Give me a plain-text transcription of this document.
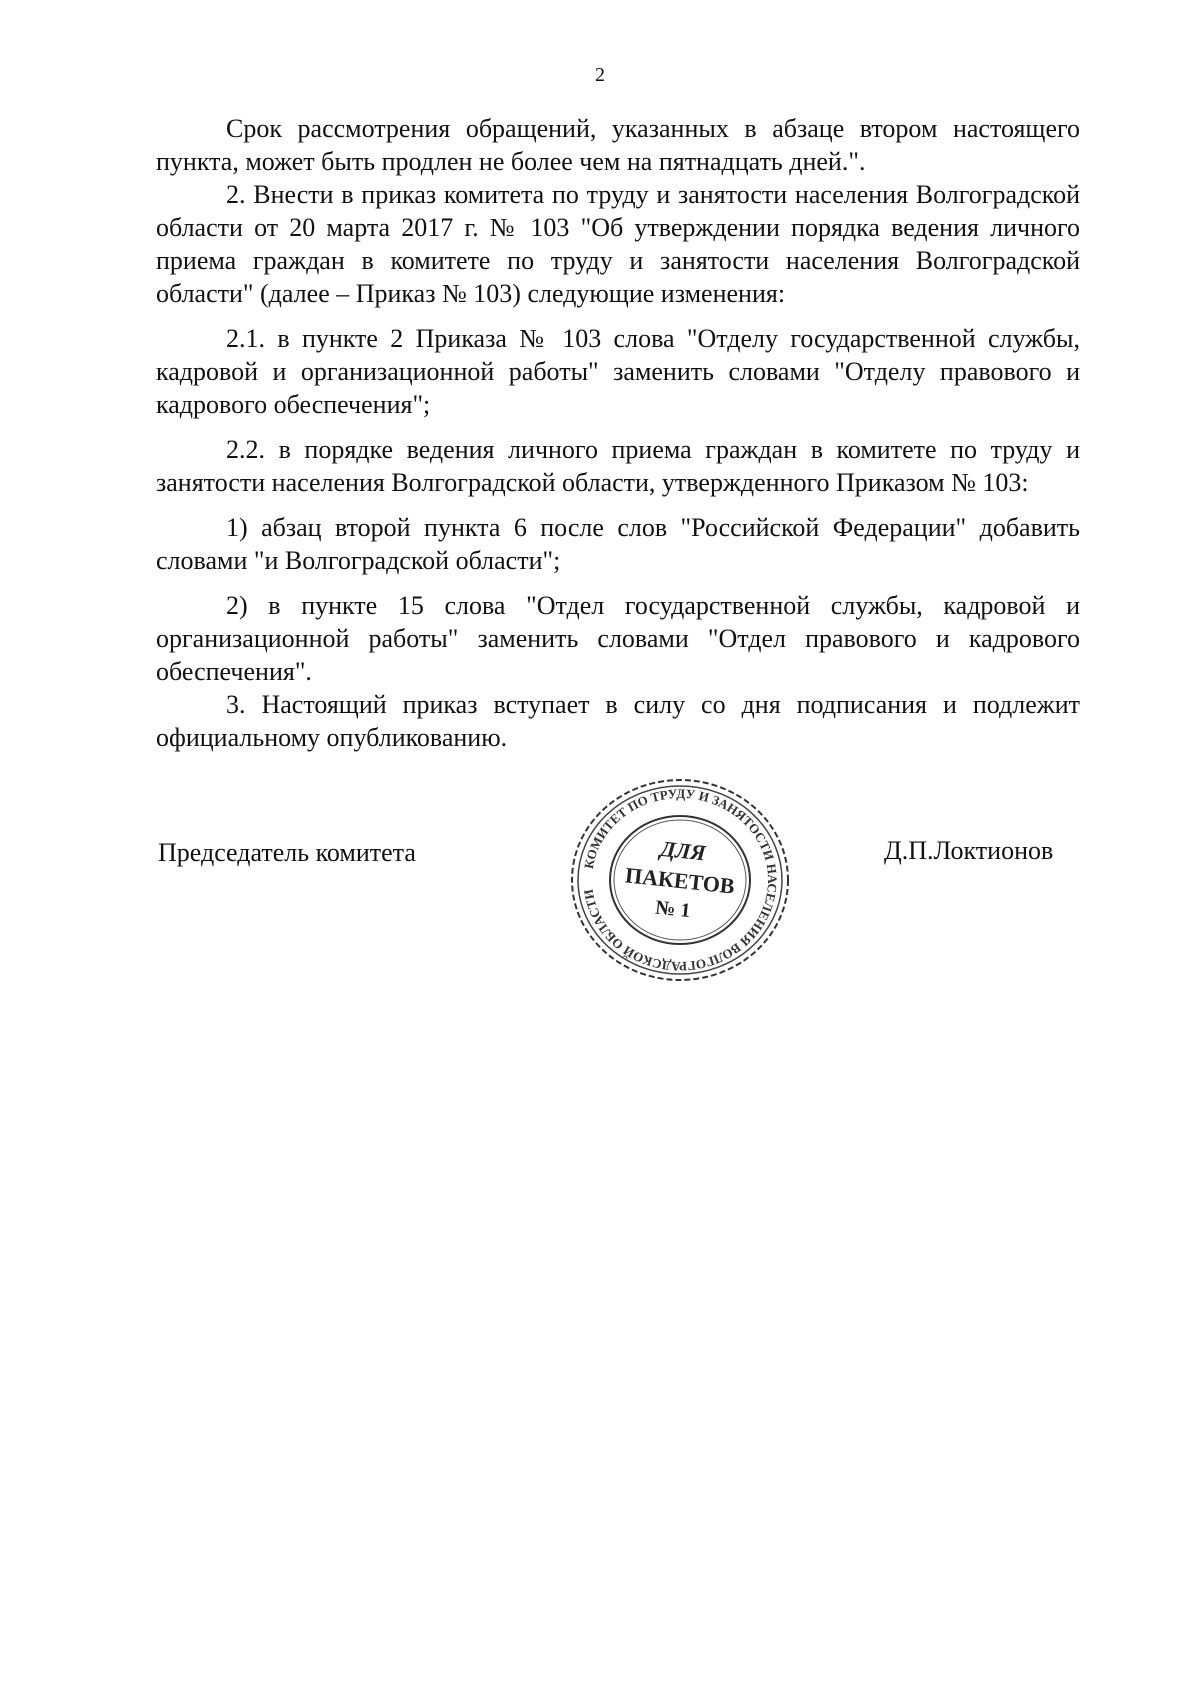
2

Срок рассмотрения обращений, указанных в абзаце втором настоящего пункта, может быть продлен не более чем на пятнадцать дней.".

2. Внести в приказ комитета по труду и занятости населения Волгоградской области от 20 марта 2017 г. № 103 "Об утверждении порядка ведения личного приема граждан в комитете по труду и занятости населения Волгоградской области" (далее – Приказ № 103) следующие изменения:

2.1. в пункте 2 Приказа № 103 слова "Отделу государственной службы, кадровой и организационной работы" заменить словами "Отделу правового и кадрового обеспечения";

2.2. в порядке ведения личного приема граждан в комитете по труду и занятости населения Волгоградской области, утвержденного Приказом № 103:

1) абзац второй пункта 6 после слов "Российской Федерации" добавить словами "и Волгоградской области";

2) в пункте 15 слова "Отдел государственной службы, кадровой и организационной работы" заменить словами "Отдел правового и кадрового обеспечения".

3. Настоящий приказ вступает в силу со дня подписания и подлежит официальному опубликованию.

Председатель комитета	Д.П.Локтионов
КОМИТЕТ ПО ТРУДУ И ЗАНЯТОСТИ НАСЕЛЕНИЯ ВОЛГОГРАДСКОЙ ОБЛАСТИ
ДЛЯ
ПАКЕТОВ
№ 1
